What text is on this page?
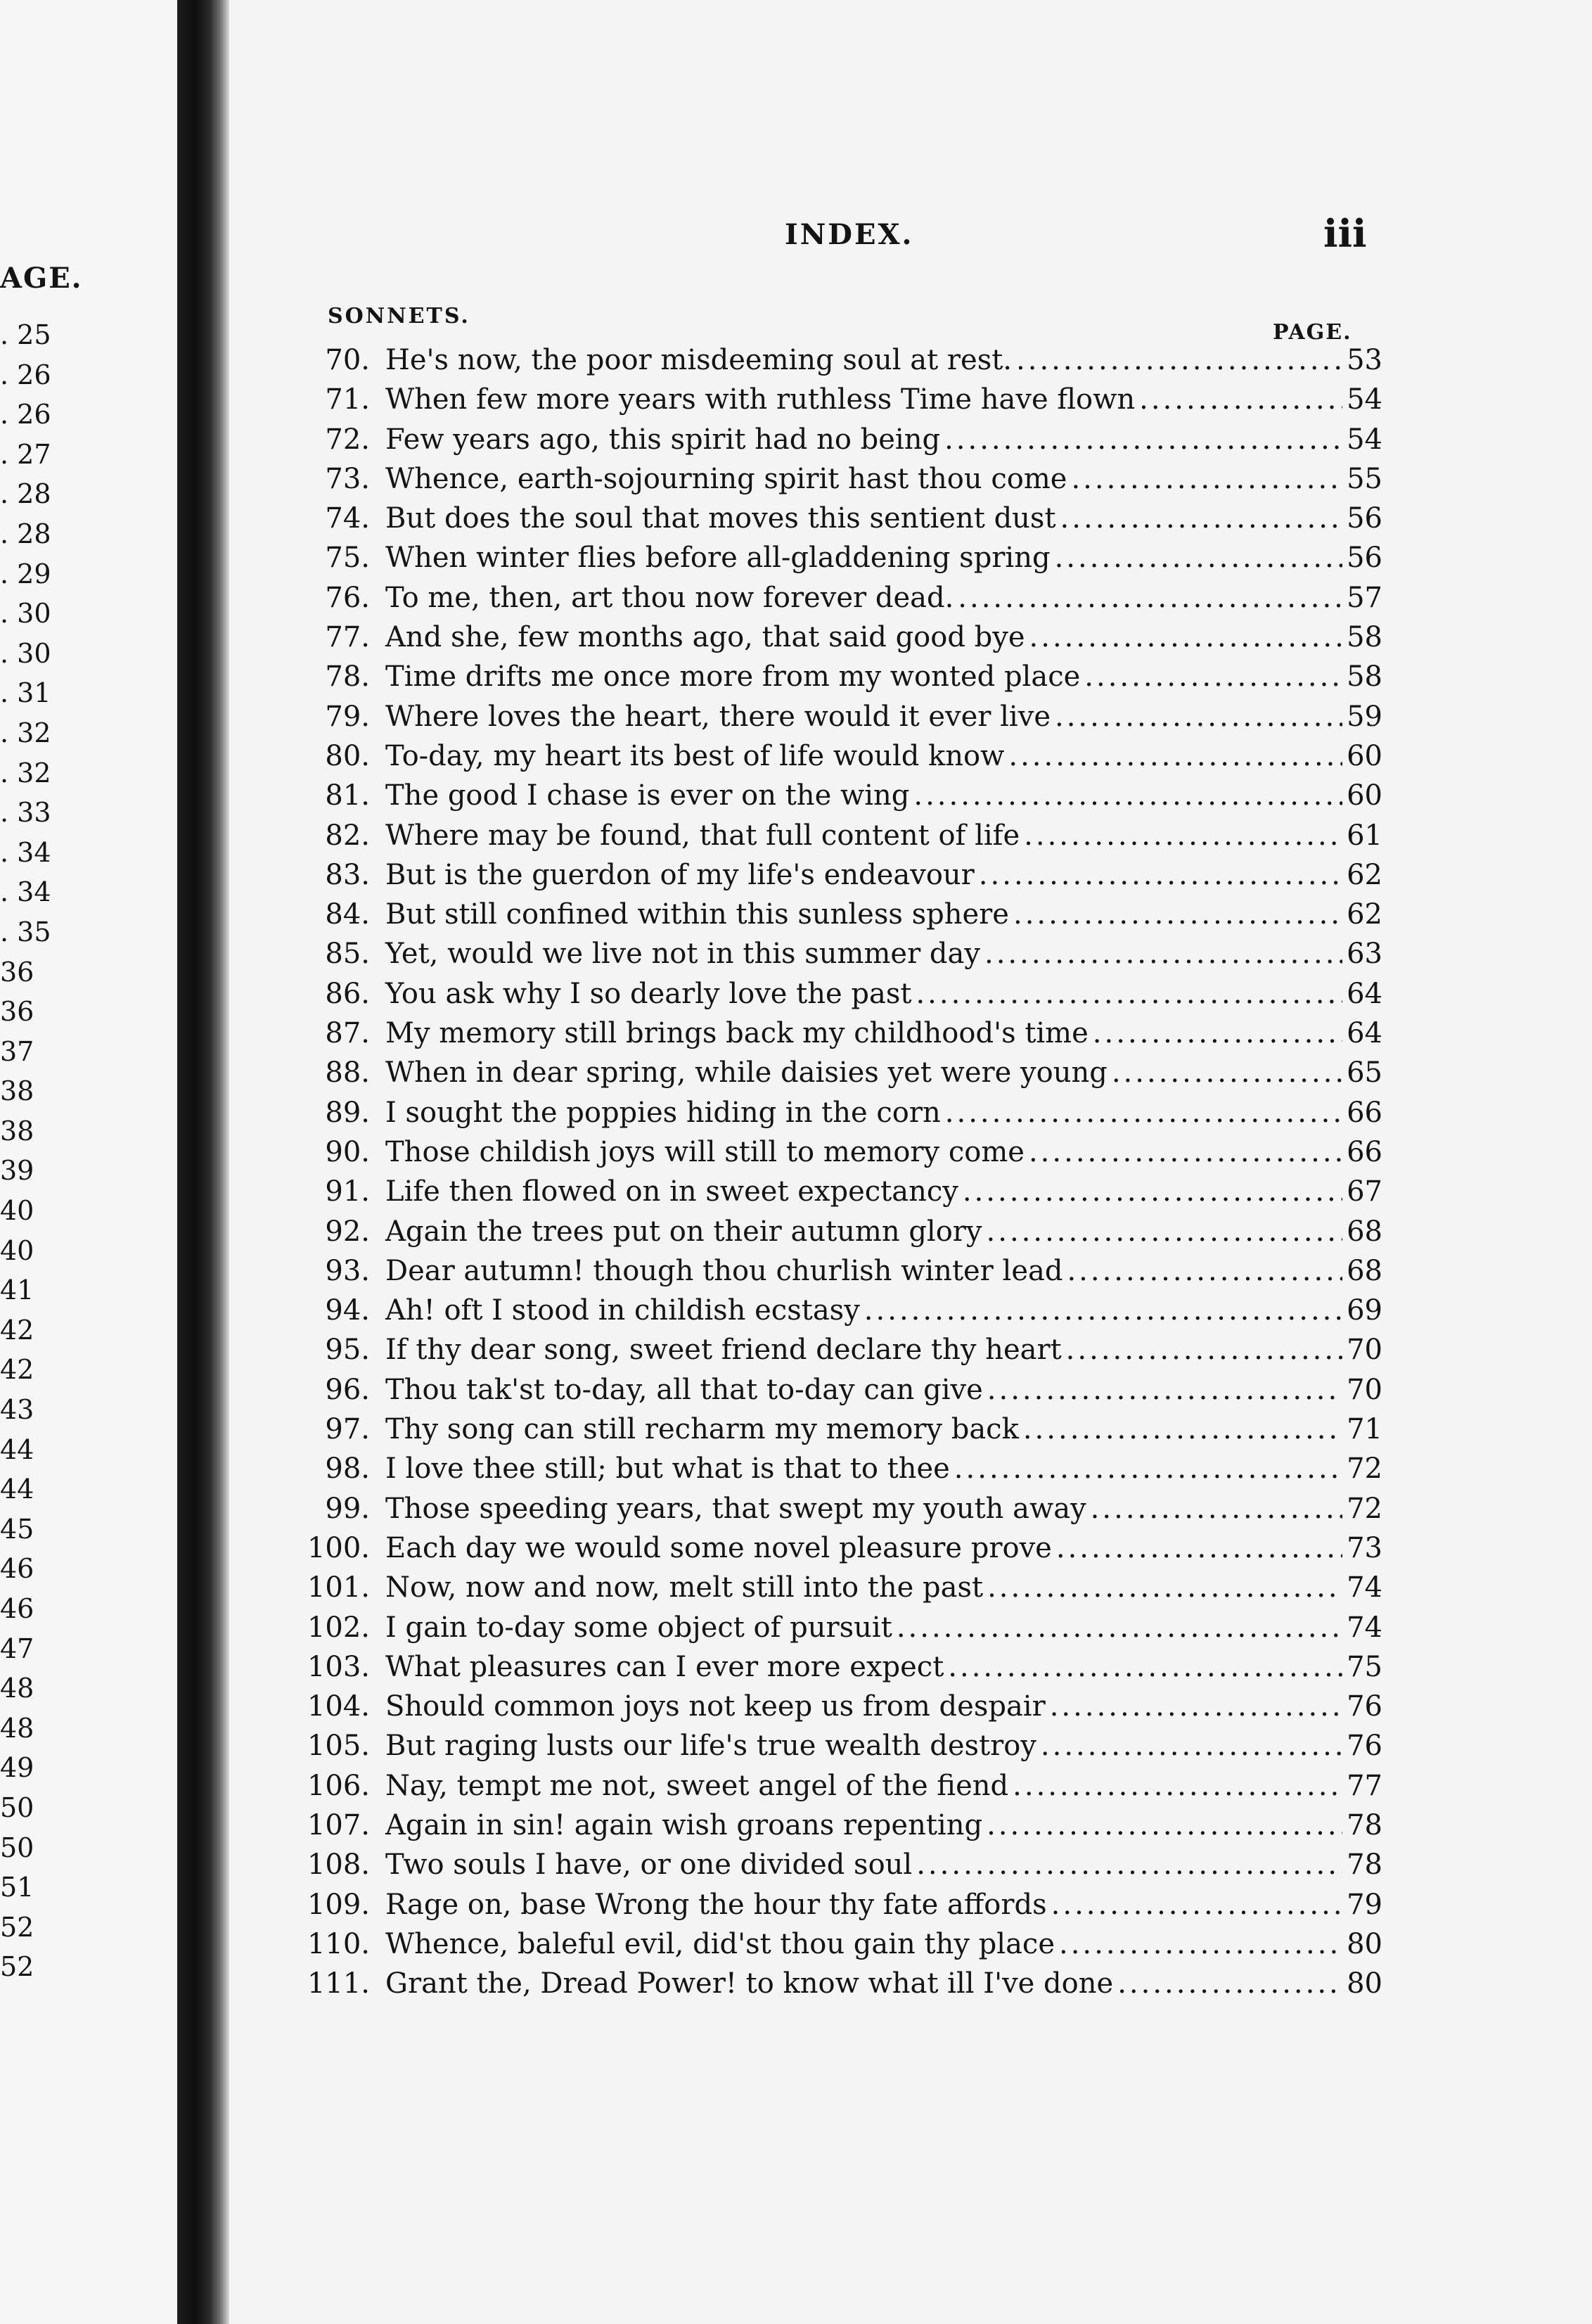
AGE.
. 25
. 26
. 26
. 27
. 28
. 28
. 29
. 30
. 30
. 31
. 32
. 32
. 33
. 34
. 34
. 35
36
36
37
38
38
39
40
40
41
42
42
43
44
44
45
46
46
47
48
48
49
50
50
51
52
52
INDEX.	iii
SONNETS.
PAGE.
70. He's now, the poor misdeeming soul at rest. .....	53
71. When few more years with ruthless Time have flown .....	54
72. Few years ago, this spirit had no being .....	54
73. Whence, earth-sojourning spirit hast thou come .....	55
74. But does the soul that moves this sentient dust .....	56
75. When winter flies before all-gladdening spring .....	56
76. To me, then, art thou now forever dead. .....	57
77. And she, few months ago, that said good bye .....	58
78. Time drifts me once more from my wonted place .....	58
79. Where loves the heart, there would it ever live .....	59
80. To-day, my heart its best of life would know .....	60
81. The good I chase is ever on the wing .....	60
82. Where may be found, that full content of life .....	61
83. But is the guerdon of my life's endeavour .....	62
84. But still confined within this sunless sphere .....	62
85. Yet, would we live not in this summer day .....	63
86. You ask why I so dearly love the past .....	64
87. My memory still brings back my childhood's time .....	64
88. When in dear spring, while daisies yet were young .....	65
89. I sought the poppies hiding in the corn .....	66
90. Those childish joys will still to memory come .....	66
91. Life then flowed on in sweet expectancy .....	67
92. Again the trees put on their autumn glory .....	68
93. Dear autumn! though thou churlish winter lead .....	68
94. Ah! oft I stood in childish ecstasy .....	69
95. If thy dear song, sweet friend declare thy heart .....	70
96. Thou tak'st to-day, all that to-day can give .....	70
97. Thy song can still recharm my memory back .....	71
98. I love thee still; but what is that to thee .....	72
99. Those speeding years, that swept my youth away .....	72
100. Each day we would some novel pleasure prove .....	73
101. Now, now and now, melt still into the past .....	74
102. I gain to-day some object of pursuit .....	74
103. What pleasures can I ever more expect .....	75
104. Should common joys not keep us from despair .....	76
105. But raging lusts our life's true wealth destroy .....	76
106. Nay, tempt me not, sweet angel of the fiend .....	77
107. Again in sin! again wish groans repenting .....	78
108. Two souls I have, or one divided soul .....	78
109. Rage on, base Wrong the hour thy fate affords .....	79
110. Whence, baleful evil, did'st thou gain thy place .....	80
111. Grant the, Dread Power! to know what ill I've done .....	80
